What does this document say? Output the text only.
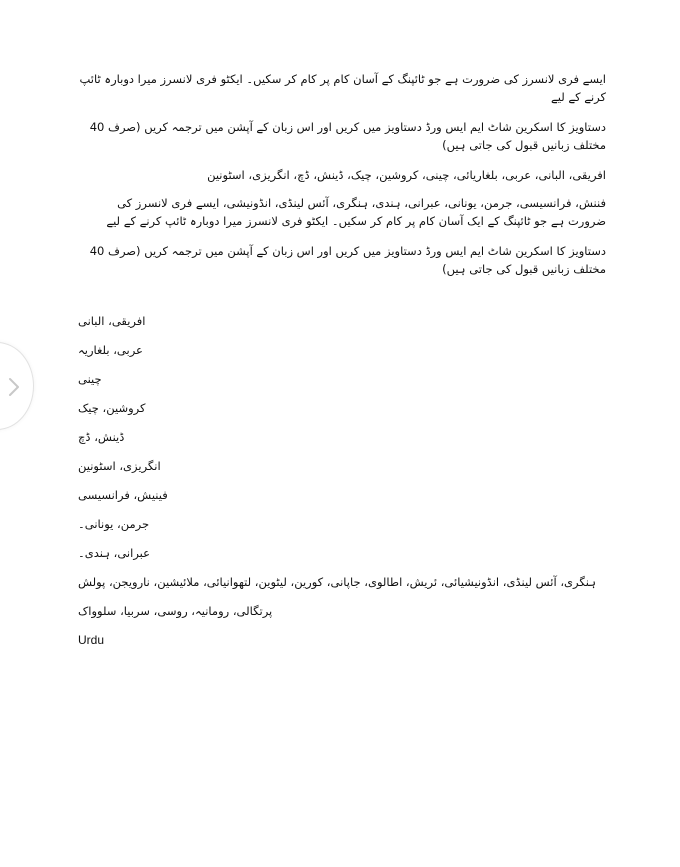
ایسے فری لانسرز کی ضرورت ہے جو ٹائپنگ کے آسان کام پر کام کر سکیں۔ ایکٹو فری لانسرز میرا دوبارہ ٹائپ کرنے کے لیے

دستاویز کا اسکرین شاٹ ایم ایس ورڈ دستاویز میں کریں اور اس زبان کے آپشن میں ترجمہ کریں (صرف 40 مختلف زبانیں قبول کی جاتی ہیں)

افریقی، البانی، عربی، بلغاریائی، چینی، کروشین، چیک، ڈینش، ڈچ، انگریزی، اسٹونین

فننش، فرانسیسی، جرمن، یونانی، عبرانی، ہندی، ہنگری، آئس لینڈی، انڈونیشی، ایسے فری لانسرز کی ضرورت ہے جو ٹائپنگ کے ایک آسان کام پر کام کر سکیں۔ ایکٹو فری لانسرز میرا دوبارہ ٹائپ کرنے کے لیے

دستاویز کا اسکرین شاٹ ایم ایس ورڈ دستاویز میں کریں اور اس زبان کے آپشن میں ترجمہ کریں (صرف 40 مختلف زبانیں قبول کی جاتی ہیں)

افریقی، البانی
عربی، بلغاریہ
چینی
کروشین، چیک
ڈینش، ڈچ
انگریزی، اسٹونین
فینیش، فرانسیسی
جرمن، یونانی۔
عبرانی، ہندی۔
ہنگری، آئس لینڈی، انڈونیشیائی، ئریش، اطالوی، جاپانی، کورین، لیٹوین، لتھوانیائی، ملائیشین، نارویجن، پولش
پرتگالی، رومانیہ، روسی، سربیا، سلوواک
Urdu
